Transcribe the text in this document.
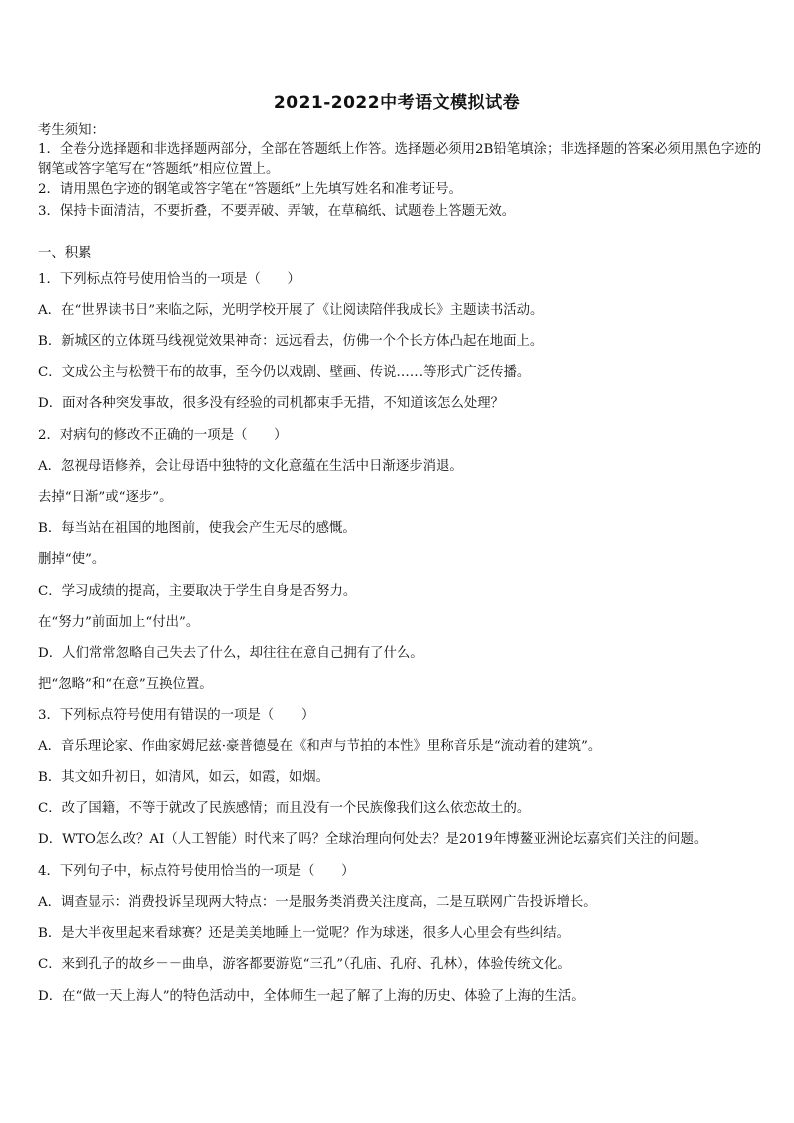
2021-2022中考语文模拟试卷
考生须知：
1．全卷分选择题和非选择题两部分，全部在答题纸上作答。选择题必须用2B铅笔填涂；非选择题的答案必须用黑色字迹的钢笔或答字笔写在“答题纸”相应位置上。
2．请用黑色字迹的钢笔或答字笔在“答题纸”上先填写姓名和准考证号。
3．保持卡面清洁，不要折叠，不要弄破、弄皱，在草稿纸、试题卷上答题无效。
一、积累
1．下列标点符号使用恰当的一项是（　　）
A．在“世界读书日”来临之际，光明学校开展了《让阅读陪伴我成长》主题读书活动。
B．新城区的立体斑马线视觉效果神奇：远远看去，仿佛一个个长方体凸起在地面上。
C．文成公主与松赞干布的故事，至今仍以戏剧、壁画、传说……等形式广泛传播。
D．面对各种突发事故，很多没有经验的司机都束手无措，不知道该怎么处理？
2．对病句的修改不正确的一项是（　　）
A．忽视母语修养，会让母语中独特的文化意蕴在生活中日渐逐步消退。
去掉“日渐”或“逐步”。
B．每当站在祖国的地图前，使我会产生无尽的感慨。
删掉“使”。
C．学习成绩的提高，主要取决于学生自身是否努力。
在“努力”前面加上“付出”。
D．人们常常忽略自己失去了什么，却往往在意自己拥有了什么。
把“忽略”和“在意”互换位置。
3．下列标点符号使用有错误的一项是（　　）
A．音乐理论家、作曲家姆尼兹·豪普德曼在《和声与节拍的本性》里称音乐是“流动着的建筑”。
B．其文如升初日，如清风，如云，如霞，如烟。
C．改了国籍，不等于就改了民族感情；而且没有一个民族像我们这么依恋故土的。
D．WTO怎么改？AI（人工智能）时代来了吗？全球治理向何处去？是2019年博鳌亚洲论坛嘉宾们关注的问题。
4．下列句子中，标点符号使用恰当的一项是（　　）
A．调查显示：消费投诉呈现两大特点：一是服务类消费关注度高，二是互联网广告投诉增长。
B．是大半夜里起来看球赛？还是美美地睡上一觉呢？作为球迷，很多人心里会有些纠结。
C．来到孔子的故乡－－曲阜，游客都要游览“三孔”（孔庙、孔府、孔林），体验传统文化。
D．在“做一天上海人”的特色活动中，全体师生一起了解了上海的历史、体验了上海的生活。
